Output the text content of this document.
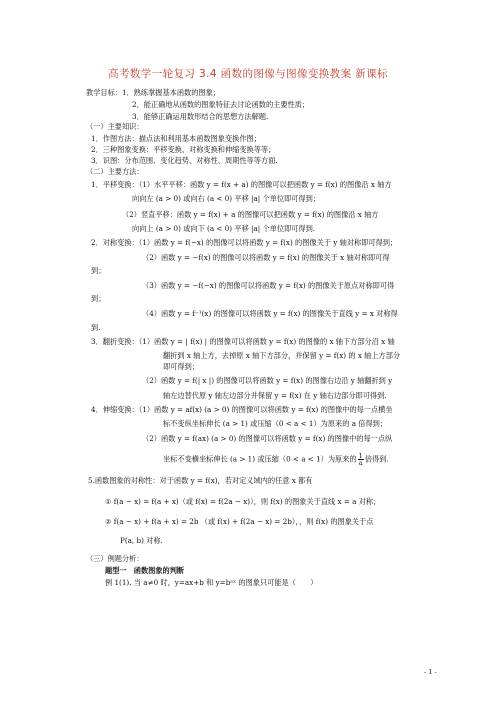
高考数学一轮复习 3.4 函数的图像与图像变换教案 新课标
教学目标：1．熟练掌握基本函数的图象；
2．能正确地从函数的图象特征去讨论函数的主要性质；
3．能够正确运用数形结合的思想方法解题.
（一）主要知识：
1．作图方法：描点法和利用基本函数图象变换作图；
2．三种图象变换：平移变换、对称变换和伸缩变换等等；
3．识图：分布范围、变化趋势、对称性、周期性等等方面.
（二）主要方法：
1．平移变换：（1）水平平移：函数 y = f(x + a) 的图像可以把函数 y = f(x) 的图像沿 x 轴方
向向左 (a > 0) 或向右 (a < 0) 平移 |a| 个单位即可得到；
（2）竖直平移：函数 y = f(x) + a 的图像可以把函数 y = f(x) 的图像沿 x 轴方
向向上 (a > 0) 或向下 (a < 0) 平移 |a| 个单位即可得到.
2．对称变换：（1）函数 y = f(−x) 的图像可以将函数 y = f(x) 的图像关于 y 轴对称即可得到；
（2）函数 y = −f(x) 的图像可以将函数 y = f(x) 的图像关于 x 轴对称即可得
到；
（3）函数 y = −f(−x) 的图像可以将函数 y = f(x) 的图像关于原点对称即可得
到；
（4）函数 y = f⁻¹(x) 的图像可以将函数 y = f(x) 的图像关于直线 y = x 对称得
到.
3．翻折变换：（1）函数 y = | f(x) | 的图像可以将函数 y = f(x) 的图像的 x 轴下方部分沿 x 轴
翻折到 x 轴上方，去掉原 x 轴下方部分，并保留 y = f(x) 的 x 轴上方部分
即可得到；
（2）函数 y = f(| x |) 的图像可以将函数 y = f(x) 的图像右边沿 y 轴翻折到 y
轴左边替代原 y 轴左边部分并保留 y = f(x) 在 y 轴右边部分即可得到.
4．伸缩变换：（1）函数 y = af(x) (a > 0) 的图像可以将函数 y = f(x) 的图像中的每一点横坐
标不变纵坐标伸长 (a > 1) 或压缩（0 < a < 1）为原来的 a 倍得到；
（2）函数 y = f(ax) (a > 0) 的图像可以将函数 y = f(x) 的图像中的每一点纵
坐标不变横坐标伸长 (a > 1) 或压缩（0 < a < 1）为原来的 $\frac{1}{a}$ 倍得到.
5.函数图象的对称性：对于函数 y = f(x)，若对定义域内的任意 x 都有
① f(a − x) = f(a + x)（或 f(x) = f(2a − x)），则 f(x) 的图象关于直线 x = a 对称；
② f(a − x) + f(a + x) = 2b （或 f(x) + f(2a − x) = 2b），，则 f(x) 的图象关于点
P(a, b) 对称.
（三）例题分析：
题型一　函数图象的判断
例 1(1). 当 a≠0 时，y=ax+b 和 y=bᵃˣ 的图象只可能是（　　）
- 1 -
